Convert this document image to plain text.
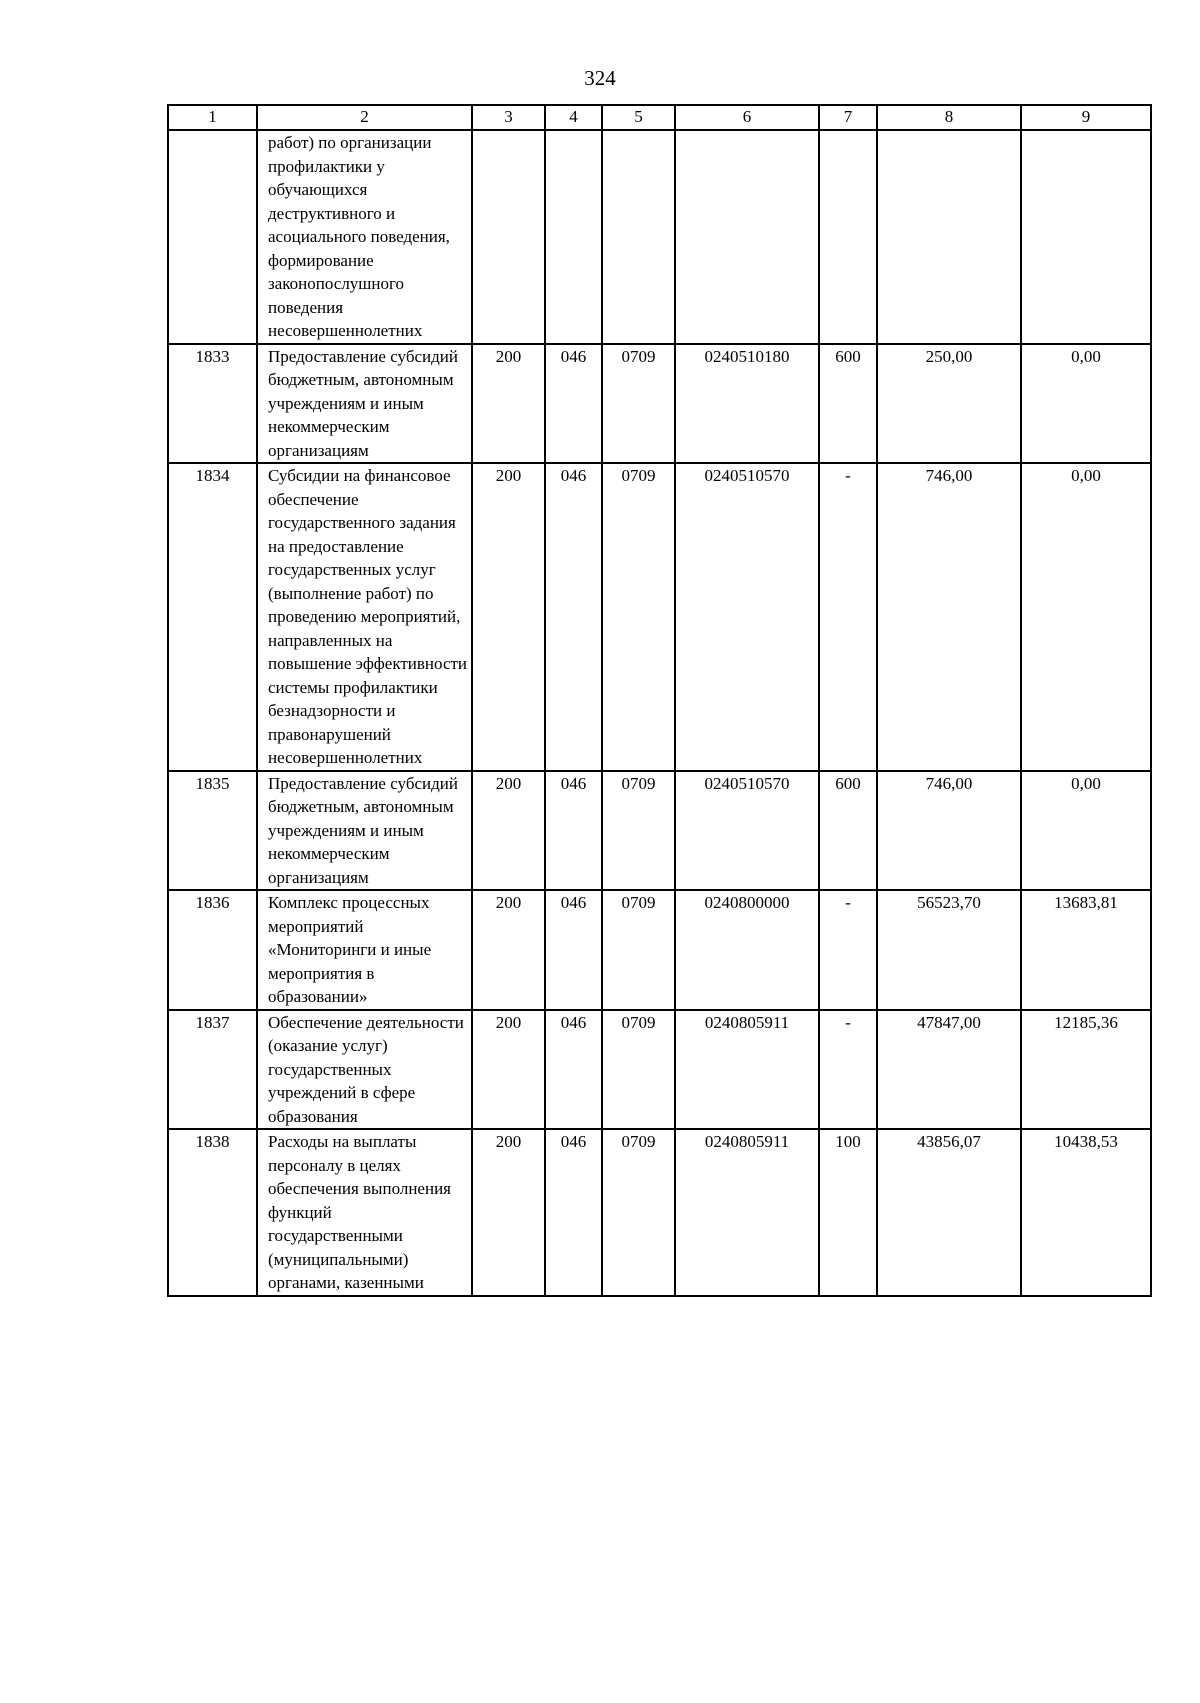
324
1	2	3	4	5	6	7	8	9
	работ) по организации профилактики у обучающихся деструктивного и асоциального поведения, формирование законопослушного поведения несовершеннолетних							
1833	Предоставление субсидий бюджетным, автономным учреждениям и иным некоммерческим организациям	200	046	0709	0240510180	600	250,00	0,00
1834	Субсидии на финансовое обеспечение государственного задания на предоставление государственных услуг (выполнение работ) по проведению мероприятий, направленных на повышение эффективности системы профилактики безнадзорности и правонарушений несовершеннолетних	200	046	0709	0240510570	-	746,00	0,00
1835	Предоставление субсидий бюджетным, автономным учреждениям и иным некоммерческим организациям	200	046	0709	0240510570	600	746,00	0,00
1836	Комплекс процессных мероприятий «Мониторинги и иные мероприятия в образовании»	200	046	0709	0240800000	-	56523,70	13683,81
1837	Обеспечение деятельности (оказание услуг) государственных учреждений в сфере образования	200	046	0709	0240805911	-	47847,00	12185,36
1838	Расходы на выплаты персоналу в целях обеспечения выполнения функций государственными (муниципальными) органами, казенными	200	046	0709	0240805911	100	43856,07	10438,53
